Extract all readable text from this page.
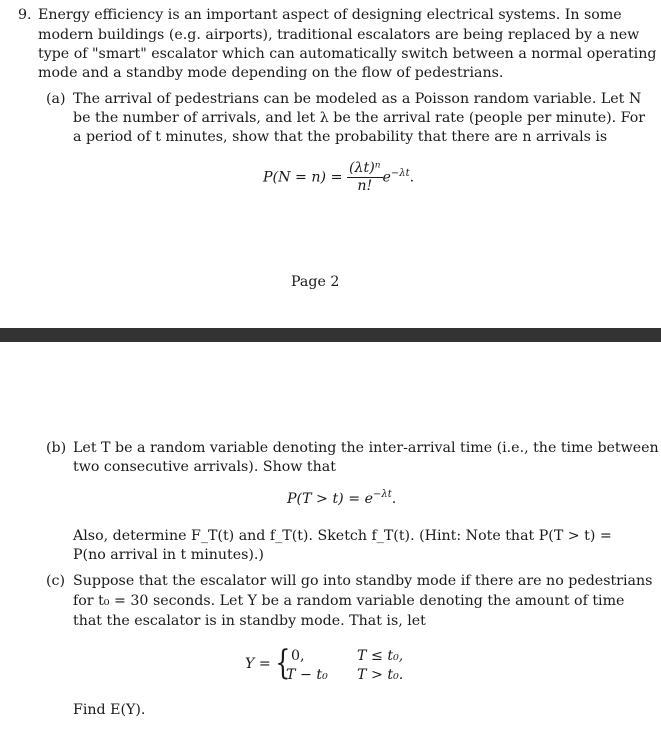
9. Energy efficiency is an important aspect of designing electrical systems. In some
modern buildings (e.g. airports), traditional escalators are being replaced by a new
type of "smart" escalator which can automatically switch between a normal operating
mode and a standby mode depending on the flow of pedestrians.
(a) The arrival of pedestrians can be modeled as a Poisson random variable. Let N
be the number of arrivals, and let λ be the arrival rate (people per minute). For
a period of t minutes, show that the probability that there are n arrivals is
$P(N = n) = \frac{\text{(λt)ⁿ}}{n!} e^{-\lambda t}$.
Page 2
(b) Let T be a random variable denoting the inter-arrival time (i.e., the time between
two consecutive arrivals). Show that
$P(T > t) = e^{-\lambda t}$.
Also, determine F_T(t) and f_T(t). Sketch f_T(t). (Hint: Note that P(T > t) =
P(no arrival in t minutes).)
(c) Suppose that the escalator will go into standby mode if there are no pedestrians
for t₀ = 30 seconds. Let Y be a random variable denoting the amount of time
that the escalator is in standby mode. That is, let
Y = { 0,	T ≤ t₀,
T − t₀ T > t₀.
Find E(Y).
